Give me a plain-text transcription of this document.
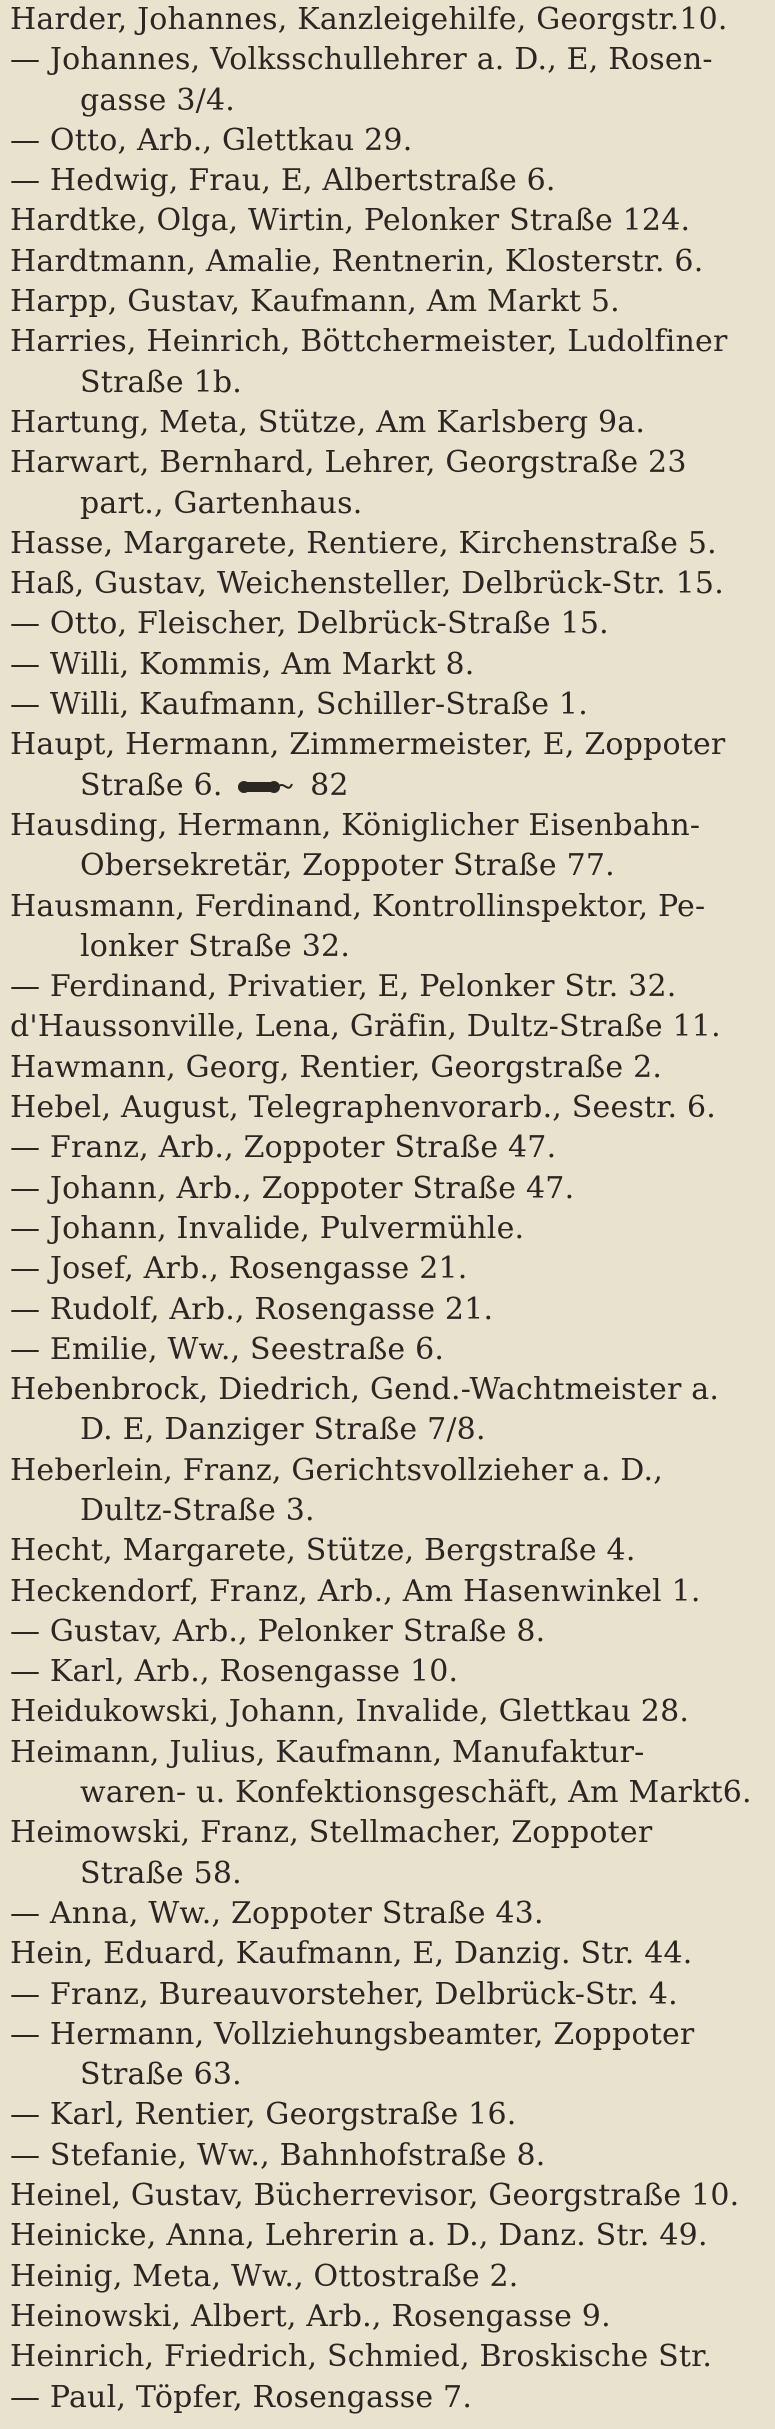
Harder, Johannes, Kanzleigehilfe, Georgstr.10.
— Johannes, Volksschullehrer a. D., E, Rosen-
gasse 3/4.
— Otto, Arb., Glettkau 29.
— Hedwig, Frau, E, Albertstraße 6.
Hardtke, Olga, Wirtin, Pelonker Straße 124.
Hardtmann, Amalie, Rentnerin, Klosterstr. 6.
Harpp, Gustav, Kaufmann, Am Markt 5.
Harries, Heinrich, Böttchermeister, Ludolfiner
Straße 1b.
Hartung, Meta, Stütze, Am Karlsberg 9a.
Harwart, Bernhard, Lehrer, Georgstraße 23
part., Gartenhaus.
Hasse, Margarete, Rentiere, Kirchenstraße 5.
Haß, Gustav, Weichensteller, Delbrück-Str. 15.
— Otto, Fleischer, Delbrück-Straße 15.
— Willi, Kommis, Am Markt 8.
— Willi, Kaufmann, Schiller-Straße 1.
Haupt, Hermann, Zimmermeister, E, Zoppoter
Straße 6.	82
Hausding, Hermann, Königlicher Eisenbahn-
Obersekretär, Zoppoter Straße 77.
Hausmann, Ferdinand, Kontrollinspektor, Pe-
lonker Straße 32.
— Ferdinand, Privatier, E, Pelonker Str. 32.
d'Haussonville, Lena, Gräfin, Dultz-Straße 11.
Hawmann, Georg, Rentier, Georgstraße 2.
Hebel, August, Telegraphenvorarb., Seestr. 6.
— Franz, Arb., Zoppoter Straße 47.
— Johann, Arb., Zoppoter Straße 47.
— Johann, Invalide, Pulvermühle.
— Josef, Arb., Rosengasse 21.
— Rudolf, Arb., Rosengasse 21.
— Emilie, Ww., Seestraße 6.
Hebenbrock, Diedrich, Gend.-Wachtmeister a.
D. E, Danziger Straße 7/8.
Heberlein, Franz, Gerichtsvollzieher a. D.,
Dultz-Straße 3.
Hecht, Margarete, Stütze, Bergstraße 4.
Heckendorf, Franz, Arb., Am Hasenwinkel 1.
— Gustav, Arb., Pelonker Straße 8.
— Karl, Arb., Rosengasse 10.
Heidukowski, Johann, Invalide, Glettkau 28.
Heimann, Julius, Kaufmann, Manufaktur-
waren- u. Konfektionsgeschäft, Am Markt6.
Heimowski, Franz, Stellmacher, Zoppoter
Straße 58.
— Anna, Ww., Zoppoter Straße 43.
Hein, Eduard, Kaufmann, E, Danzig. Str. 44.
— Franz, Bureauvorsteher, Delbrück-Str. 4.
— Hermann, Vollziehungsbeamter, Zoppoter
Straße 63.
— Karl, Rentier, Georgstraße 16.
— Stefanie, Ww., Bahnhofstraße 8.
Heinel, Gustav, Bücherrevisor, Georgstraße 10.
Heinicke, Anna, Lehrerin a. D., Danz. Str. 49.
Heinig, Meta, Ww., Ottostraße 2.
Heinowski, Albert, Arb., Rosengasse 9.
Heinrich, Friedrich, Schmied, Broskische Str.
— Paul, Töpfer, Rosengasse 7.
